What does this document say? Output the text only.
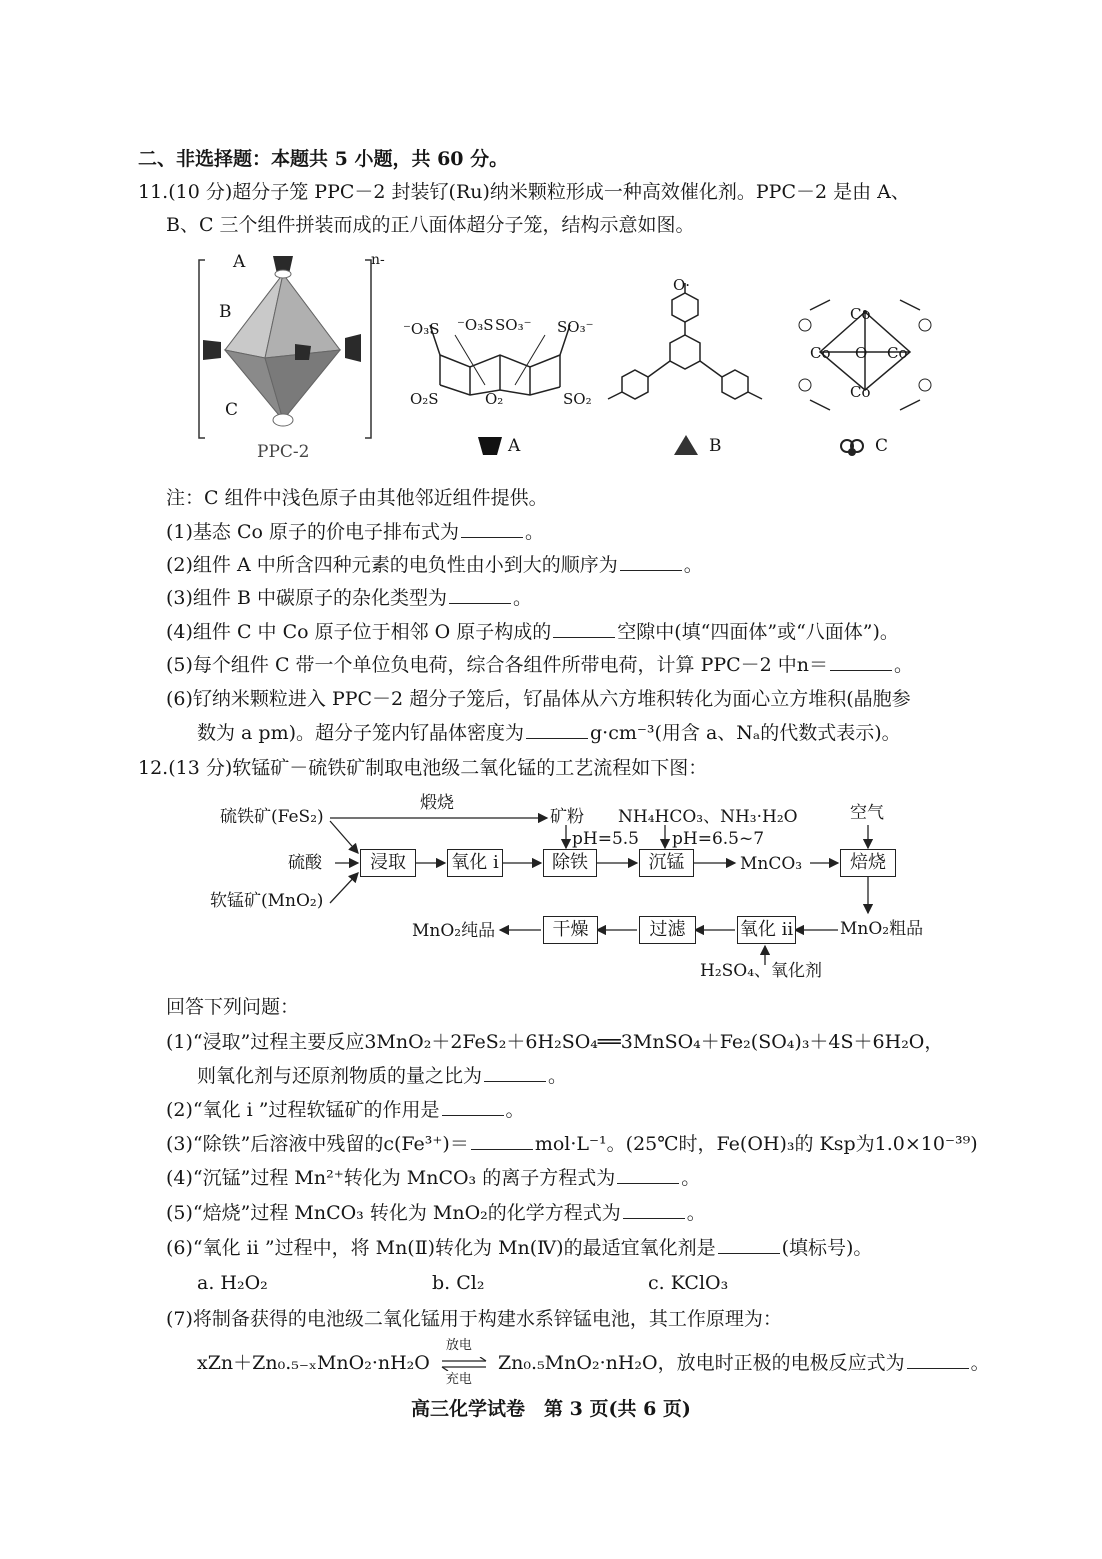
二、非选择题：本题共 5 小题，共 60 分。
11.(10 分)超分子笼 PPC－2 封装钌(Ru)纳米颗粒形成一种高效催化剂。PPC－2 是由 A、
B、C 三个组件拼装而成的正八面体超分子笼，结构示意如图。
A
B
C
n-
PPC-2
⁻O₃S ⁻O₃S SO₃⁻ SO₃⁻
O₂S	O₂	SO₂
A
O·
B
Co
Co	Co
Co
O
C
注：C 组件中浅色原子由其他邻近组件提供。
(1)基态 Co 原子的价电子排布式为	。
(2)组件 A 中所含四种元素的电负性由小到大的顺序为	。
(3)组件 B 中碳原子的杂化类型为	。
(4)组件 C 中 Co 原子位于相邻 O 原子构成的	空隙中(填“四面体”或“八面体”)。
(5)每个组件 C 带一个单位负电荷，综合各组件所带电荷，计算 PPC－2 中n＝	。
(6)钌纳米颗粒进入 PPC－2 超分子笼后，钌晶体从六方堆积转化为面心立方堆积(晶胞参
数为 a pm)。超分子笼内钌晶体密度为	g·cm⁻³(用含 a、Nₐ的代数式表示)。
12.(13 分)软锰矿－硫铁矿制取电池级二氧化锰的工艺流程如下图：
硫铁矿(FeS₂)
煅烧
矿粉
pH=5.5
NH₄HCO₃、NH₃·H₂O
pH=6.5~7
空气
硫酸
软锰矿(MnO₂)
浸取	氧化 i	除铁	沉锰	MnCO₃	焙烧
MnO₂粗品
氧化 ii
H₂SO₄、氧化剂
过滤
干燥
MnO₂纯品
回答下列问题：
(1)“浸取”过程主要反应3MnO₂＋2FeS₂＋6H₂SO₄══3MnSO₄＋Fe₂(SO₄)₃＋4S＋6H₂O，
则氧化剂与还原剂物质的量之比为	。
(2)“氧化 i ”过程软锰矿的作用是	。
(3)“除铁”后溶液中残留的c(Fe³⁺)＝	mol·L⁻¹。(25℃时，Fe(OH)₃的 Ksp为1.0×10⁻³⁹)
(4)“沉锰”过程 Mn²⁺转化为 MnCO₃ 的离子方程式为	。
(5)“焙烧”过程 MnCO₃ 转化为 MnO₂的化学方程式为	。
(6)“氧化 ii ”过程中，将 Mn(Ⅱ)转化为 Mn(Ⅳ)的最适宜氧化剂是	(填标号)。
a. H₂O₂	b. Cl₂	c. KClO₃
(7)将制备获得的电池级二氧化锰用于构建水系锌锰电池，其工作原理为：
xZn＋Zn₀.₅₋ₓMnO₂·nH₂O
放电
充电
Zn₀.₅MnO₂·nH₂O，放电时正极的电极反应式为	。
高三化学试卷　第 3 页(共 6 页)
